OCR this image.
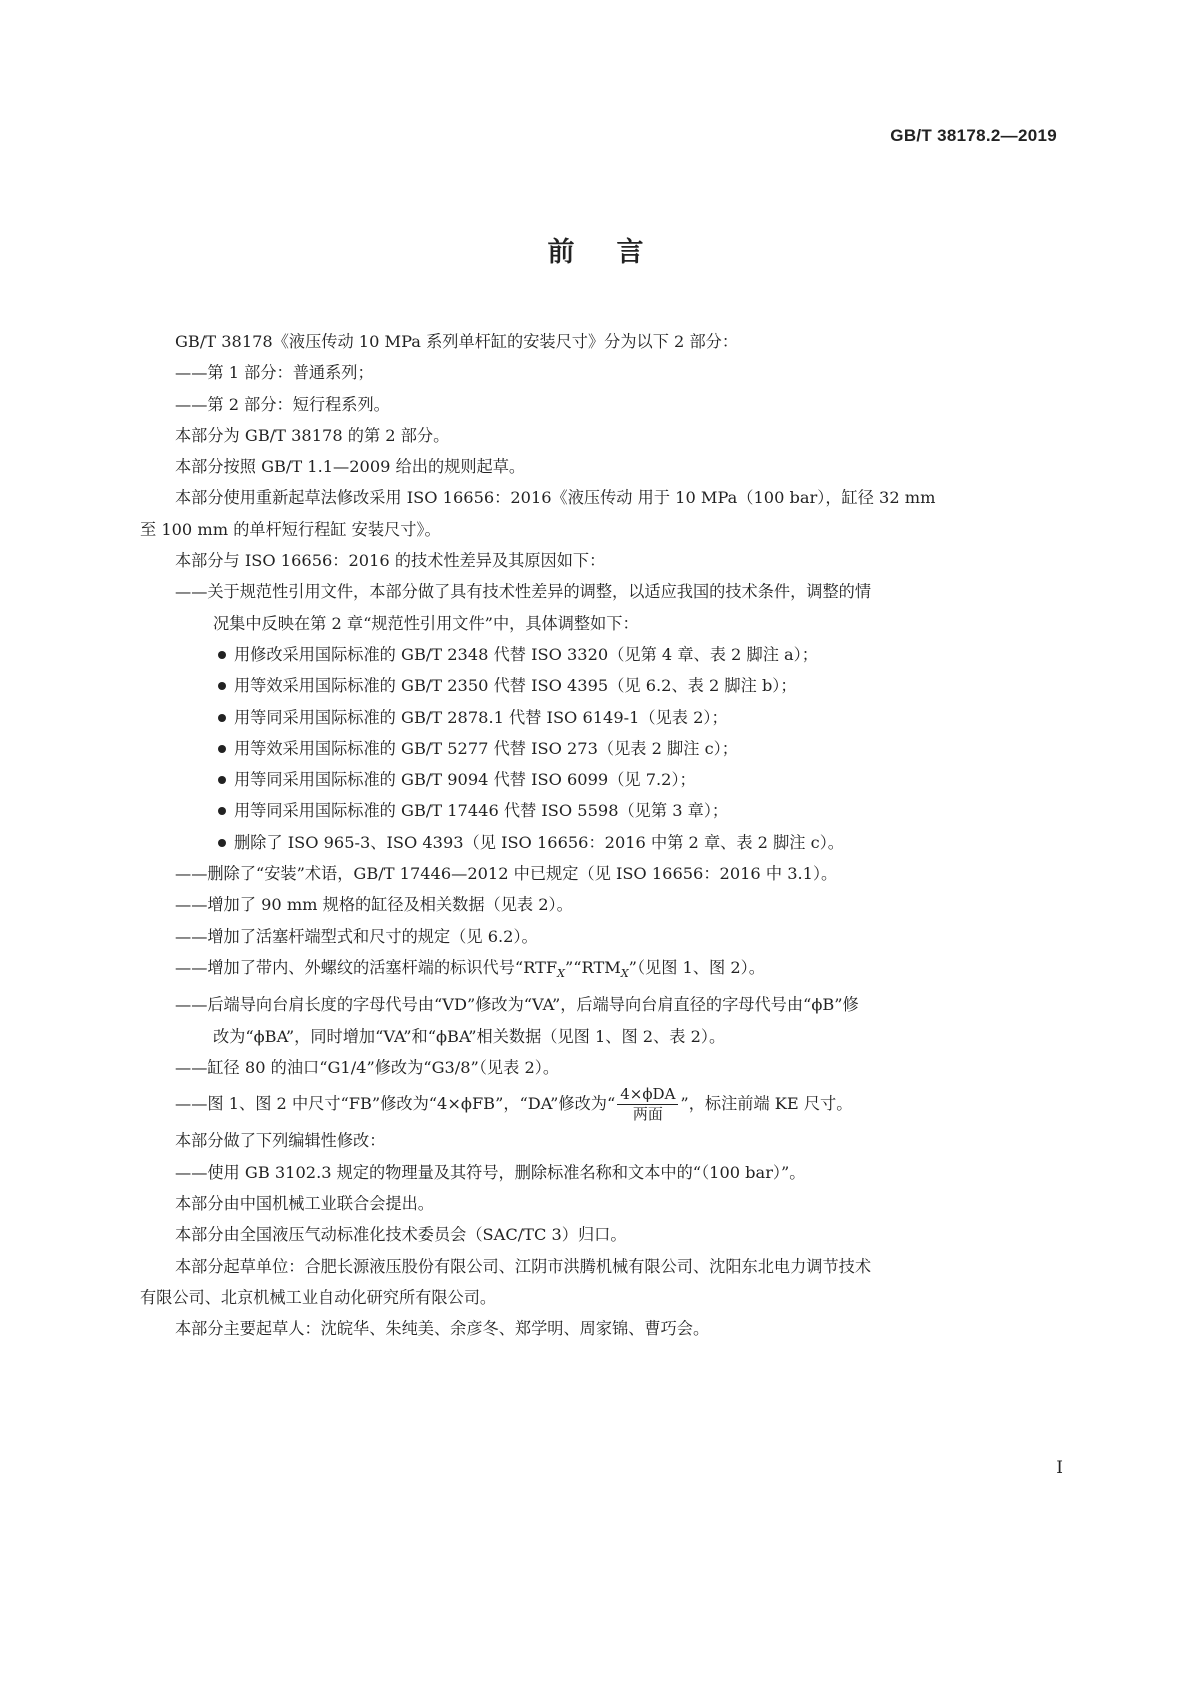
GB/T 38178.2—2019
前言

GB/T 38178《液压传动 10 MPa 系列单杆缸的安装尺寸》分为以下 2 部分：

——第 1 部分：普通系列；

——第 2 部分：短行程系列。

本部分为 GB/T 38178 的第 2 部分。

本部分按照 GB/T 1.1—2009 给出的规则起草。

本部分使用重新起草法修改采用 ISO 16656：2016《液压传动 用于 10 MPa（100 bar），缸径 32 mm

至 100 mm 的单杆短行程缸 安装尺寸》。

本部分与 ISO 16656：2016 的技术性差异及其原因如下：

——关于规范性引用文件，本部分做了具有技术性差异的调整，以适应我国的技术条件，调整的情

况集中反映在第 2 章“规范性引用文件”中，具体调整如下：

用修改采用国际标准的 GB/T 2348 代替 ISO 3320（见第 4 章、表 2 脚注 a）；

用等效采用国际标准的 GB/T 2350 代替 ISO 4395（见 6.2、表 2 脚注 b）；

用等同采用国际标准的 GB/T 2878.1 代替 ISO 6149-1（见表 2）；

用等效采用国际标准的 GB/T 5277 代替 ISO 273（见表 2 脚注 c）；

用等同采用国际标准的 GB/T 9094 代替 ISO 6099（见 7.2）；

用等同采用国际标准的 GB/T 17446 代替 ISO 5598（见第 3 章）；

删除了 ISO 965-3、ISO 4393（见 ISO 16656：2016 中第 2 章、表 2 脚注 c）。

——删除了“安装”术语，GB/T 17446—2012 中已规定（见 ISO 16656：2016 中 3.1）。

——增加了 90 mm 规格的缸径及相关数据（见表 2）。

——增加了活塞杆端型式和尺寸的规定（见 6.2）。

——增加了带内、外螺纹的活塞杆端的标识代号“$RTF_X”“RTM_X$”（见图 1、图 2）。

——后端导向台肩长度的字母代号由“VD”修改为“VA”，后端导向台肩直径的字母代号由“ϕB”修

改为“ϕBA”，同时增加“VA”和“ϕBA”相关数据（见图 1、图 2、表 2）。

——缸径 80 的油口“G1/4”修改为“G3/8”（见表 2）。

——图 1、图 2 中尺寸“FB”修改为“4×ϕFB”，“DA”修改为“ $\frac{\text{4×ϕDA}}{\text{两面}}$ ”，标注前端 KE 尺寸。

本部分做了下列编辑性修改：

——使用 GB 3102.3 规定的物理量及其符号，删除标准名称和文本中的“（100 bar）”。

本部分由中国机械工业联合会提出。

本部分由全国液压气动标准化技术委员会（SAC/TC 3）归口。

本部分起草单位：合肥长源液压股份有限公司、江阴市洪腾机械有限公司、沈阳东北电力调节技术

有限公司、北京机械工业自动化研究所有限公司。

本部分主要起草人：沈皖华、朱纯美、余彦冬、郑学明、周家锦、曹巧会。

I
